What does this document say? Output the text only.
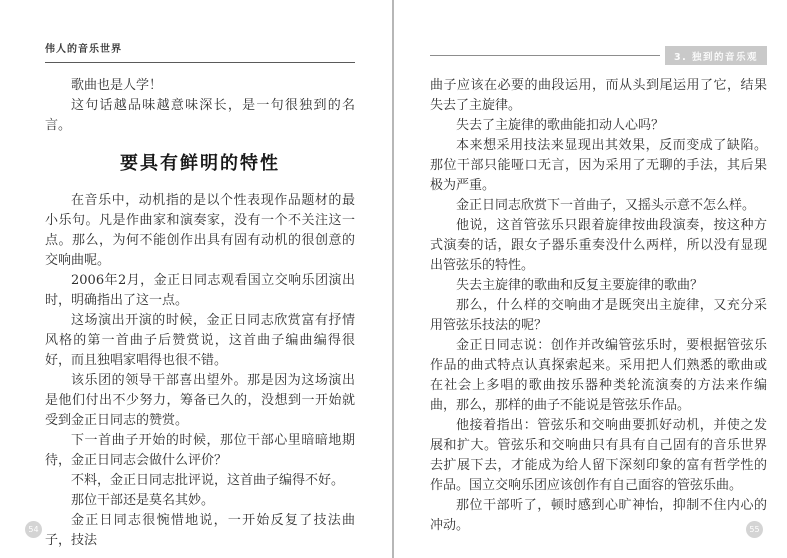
伟人的音乐世界

歌曲也是人学！

这句话越品味越意味深长，是一句很独到的名言。

要具有鲜明的特性

在音乐中，动机指的是以个性表现作品题材的最小乐句。凡是作曲家和演奏家，没有一个不关注这一点。那么，为何不能创作出具有固有动机的很创意的交响曲呢。

2006年2月，金正日同志观看国立交响乐团演出时，明确指出了这一点。

这场演出开演的时候，金正日同志欣赏富有抒情风格的第一首曲子后赞赏说，这首曲子编曲编得很好，而且独唱家唱得也很不错。

该乐团的领导干部喜出望外。那是因为这场演出是他们付出不少努力，筹备已久的，没想到一开始就受到金正日同志的赞赏。

下一首曲子开始的时候，那位干部心里暗暗地期待，金正日同志会做什么评价？

不料，金正日同志批评说，这首曲子编得不好。

那位干部还是莫名其妙。

金正日同志很惋惜地说，一开始反复了技法曲子，技法

54
3. 独到的音乐观

曲子应该在必要的曲段运用，而从头到尾运用了它，结果失去了主旋律。

失去了主旋律的歌曲能扣动人心吗？

本来想采用技法来显现出其效果，反而变成了缺陷。那位干部只能哑口无言，因为采用了无聊的手法，其后果极为严重。

金正日同志欣赏下一首曲子，又摇头示意不怎么样。

他说，这首管弦乐只跟着旋律按曲段演奏，按这种方式演奏的话，跟女子器乐重奏没什么两样，所以没有显现出管弦乐的特性。

失去主旋律的歌曲和反复主要旋律的歌曲？

那么，什么样的交响曲才是既突出主旋律，又充分采用管弦乐技法的呢？

金正日同志说：创作并改编管弦乐时，要根据管弦乐作品的曲式特点认真探索起来。采用把人们熟悉的歌曲或在社会上多唱的歌曲按乐器种类轮流演奏的方法来作编曲，那么，那样的曲子不能说是管弦乐作品。

他接着指出：管弦乐和交响曲要抓好动机，并使之发展和扩大。管弦乐和交响曲只有具有自己固有的音乐世界去扩展下去，才能成为给人留下深刻印象的富有哲学性的作品。国立交响乐团应该创作有自己面容的管弦乐曲。

那位干部听了，顿时感到心旷神怡，抑制不住内心的冲动。	55
